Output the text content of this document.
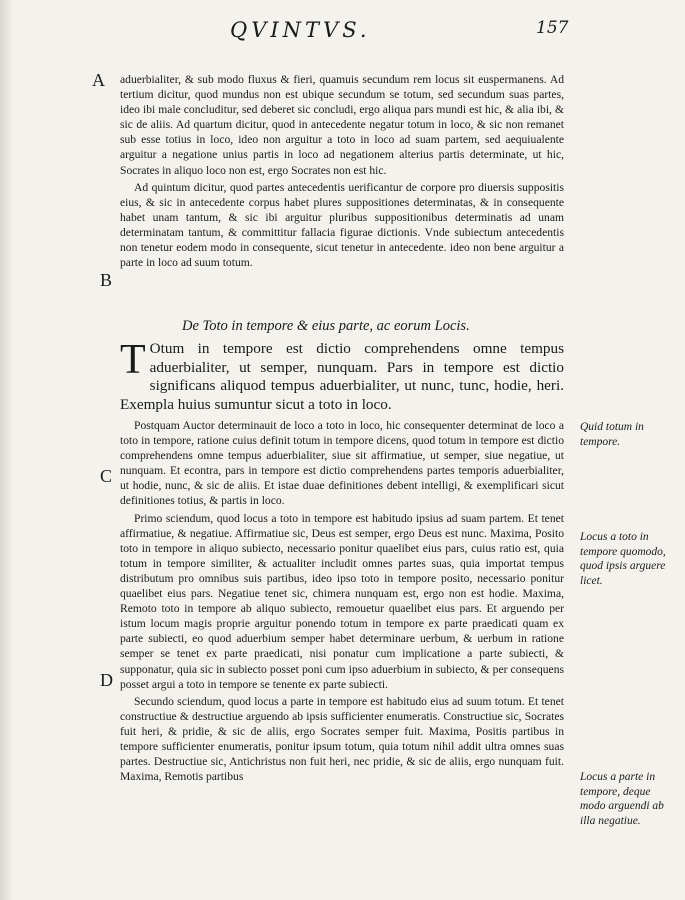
QVINTVS.	157
A
B
C
D

aduerbialiter, & sub modo fluxus & fieri, quamuis secundum rem locus sit euspermanens. Ad tertium dicitur, quod mundus non est ubique secundum se totum, sed secundum suas partes, ideo ibi male concluditur, sed deberet sic concludi, ergo aliqua pars mundi est hic, & alia ibi, & sic de aliis. Ad quartum dicitur, quod in antecedente negatur totum in loco, & sic non remanet sub esse totius in loco, ideo non arguitur a toto in loco ad suam partem, sed aequiualente arguitur a negatione unius partis in loco ad negationem alterius partis determinate, ut hic, Socrates in aliquo loco non est, ergo Socrates non est hic.

Ad quintum dicitur, quod partes antecedentis uerificantur de corpore pro diuersis suppositis eius, & sic in antecedente corpus habet plures suppositiones determinatas, & in consequente habet unam tantum, & sic ibi arguitur pluribus suppositionibus determinatis ad unam determinatam tantum, & committitur fallacia figurae dictionis. Vnde subiectum antecedentis non tenetur eodem modo in consequente, sicut tenetur in antecedente. ideo non bene arguitur a parte in loco ad suum totum.

De Toto in tempore & eius parte, ac eorum Locis.
T Otum in tempore est dictio comprehendens omne tempus aduerbialiter, ut semper, nunquam. Pars in tempore est dictio significans aliquod tempus aduerbialiter, ut nunc, tunc, hodie, heri. Exempla huius sumuntur sicut a toto in loco.

Postquam Auctor determinauit de loco a toto in loco, hic consequenter determinat de loco a toto in tempore, ratione cuius definit totum in tempore dicens, quod totum in tempore est dictio comprehendens omne tempus aduerbialiter, siue sit affirmatiue, ut semper, siue negatiue, ut nunquam. Et econtra, pars in tempore est dictio comprehendens partes temporis aduerbialiter, ut hodie, nunc, & sic de aliis. Et istae duae definitiones debent intelligi, & exemplificari sicut definitiones totius, & partis in loco.

Primo sciendum, quod locus a toto in tempore est habitudo ipsius ad suam partem. Et tenet affirmatiue, & negatiue. Affirmatiue sic, Deus est semper, ergo Deus est nunc. Maxima, Posito toto in tempore in aliquo subiecto, necessario ponitur quaelibet eius pars, cuius ratio est, quia totum in tempore similiter, & actualiter includit omnes partes suas, quia importat tempus distributum pro omnibus suis partibus, ideo ipso toto in tempore posito, necessario ponitur quaelibet eius pars. Negatiue tenet sic, chimera nunquam est, ergo non est hodie. Maxima, Remoto toto in tempore ab aliquo subiecto, remouetur quaelibet eius pars. Et arguendo per istum locum magis proprie arguitur ponendo totum in tempore ex parte praedicati quam ex parte subiecti, eo quod aduerbium semper habet determinare uerbum, & uerbum in ratione semper se tenet ex parte praedicati, nisi ponatur cum implicatione a parte subiecti, & supponatur, quia sic in subiecto posset poni cum ipso aduerbium in subiecto, & per consequens posset argui a toto in tempore se tenente ex parte subiecti.

Secundo sciendum, quod locus a parte in tempore est habitudo eius ad suum totum. Et tenet constructiue & destructiue arguendo ab ipsis sufficienter enumeratis. Constructiue sic, Socrates fuit heri, & pridie, & sic de aliis, ergo Socrates semper fuit. Maxima, Positis partibus in tempore sufficienter enumeratis, ponitur ipsum totum, quia totum nihil addit ultra omnes suas partes. Destructiue sic, Antichristus non fuit heri, nec pridie, & sic de aliis, ergo nunquam fuit. Maxima, Remotis partibus

Quid totum in tempore.
Locus a toto in tempore quomodo, quod ipsis arguere licet.
Locus a parte in tempore, deque modo arguendi ab illa negatiue.
